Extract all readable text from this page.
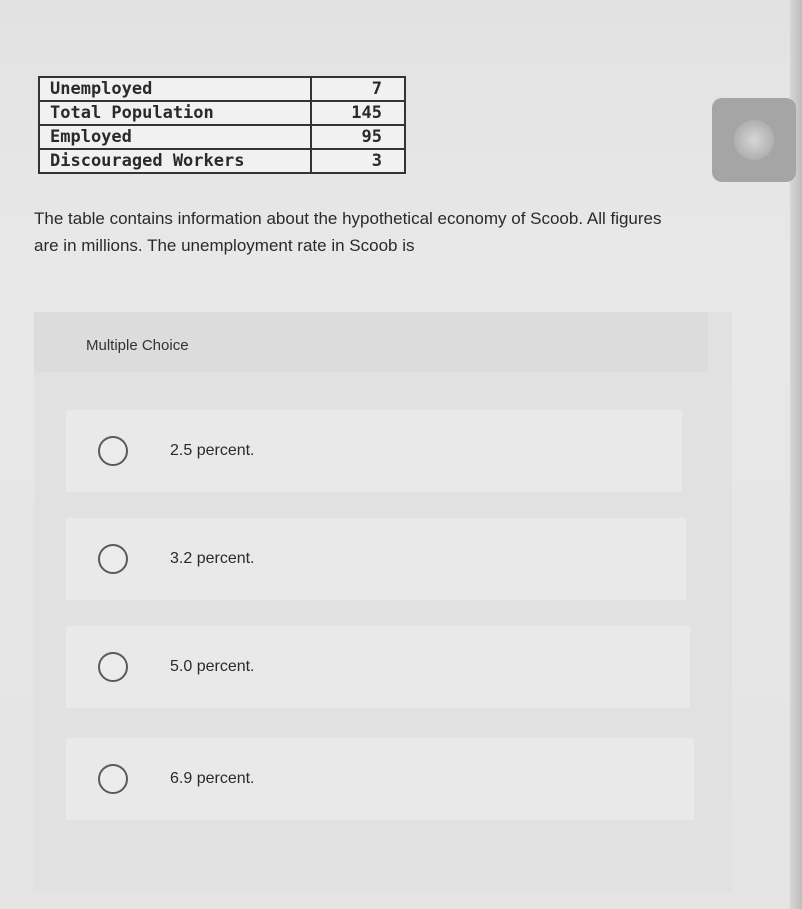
Unemployed	7
Total Population	145
Employed	95
Discouraged Workers	3
The table contains information about the hypothetical economy of Scoob. All figures are in millions. The unemployment rate in Scoob is
Multiple Choice
2.5 percent.
3.2 percent.
5.0 percent.
6.9 percent.
